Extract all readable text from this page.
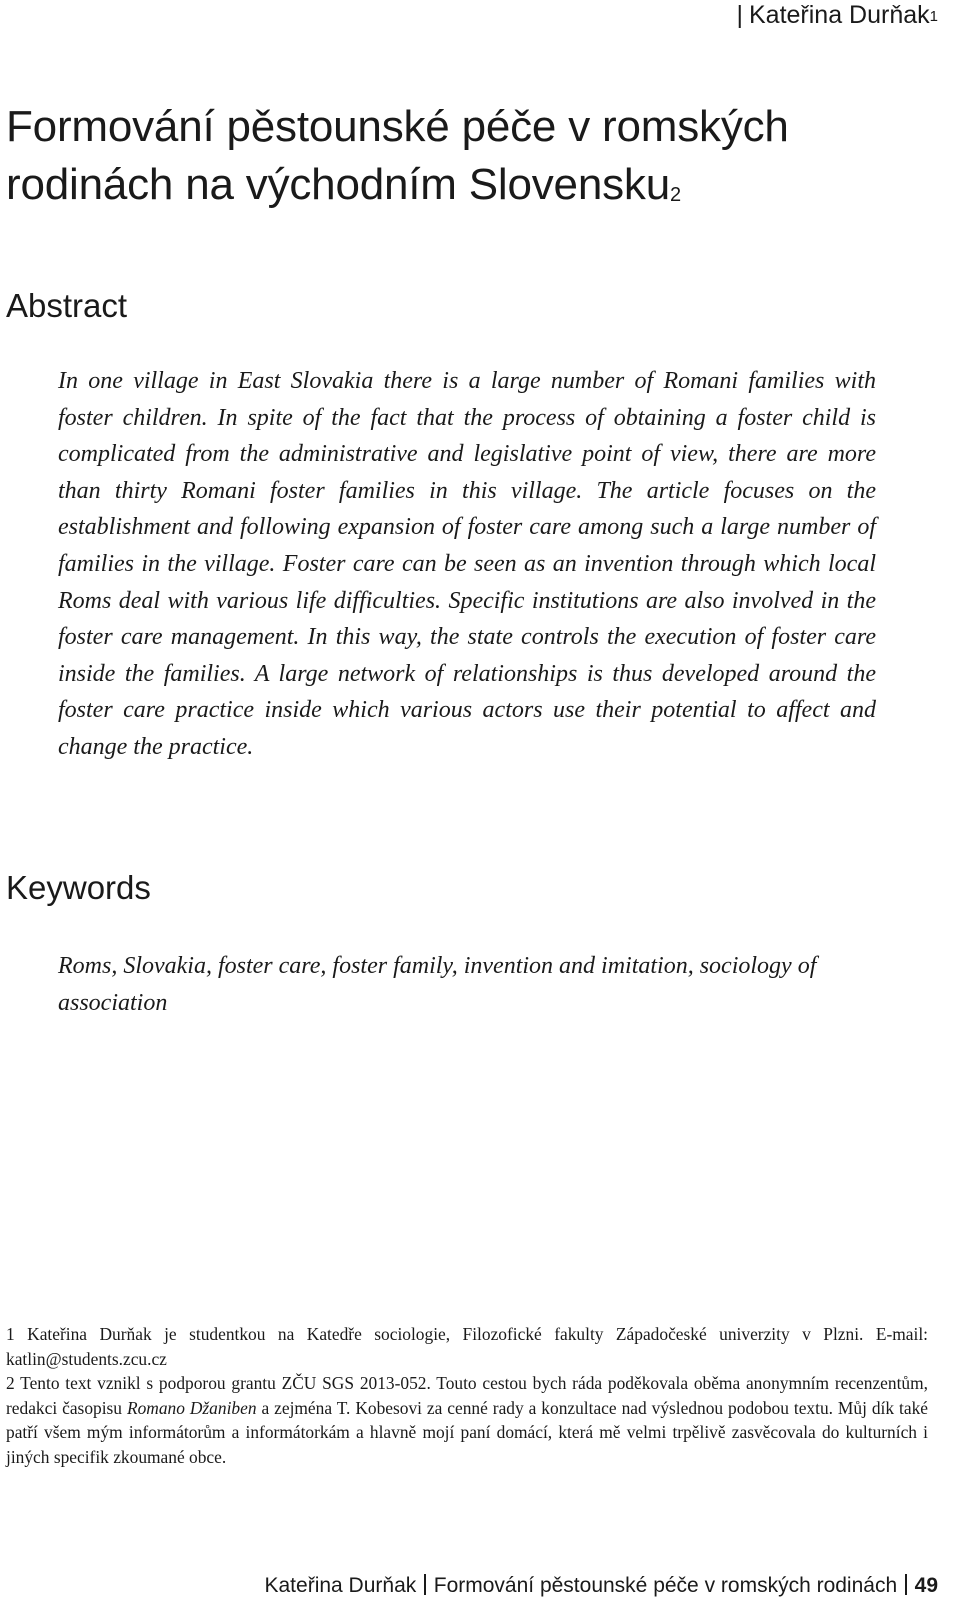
| Kateřina Durňak$^1$
Formování pěstounské péče v romských rodinách na východním Slovensku$^2$
Abstract

In one village in East Slovakia there is a large number of Romani families with foster children. In spite of the fact that the process of obtaining a foster child is complicated from the administrative and legislative point of view, there are more than thirty Romani foster families in this village. The article focuses on the establishment and following expansion of foster care among such a large number of families in the village. Foster care can be seen as an invention through which local Roms deal with various life difficulties. Specific institutions are also involved in the foster care management. In this way, the state controls the execution of foster care inside the families. A large network of relationships is thus developed around the foster care practice inside which various actors use their potential to affect and change the practice.

Keywords

Roms, Slovakia, foster care, foster family, invention and imitation, sociology of association

1 Kateřina Durňak je studentkou na Katedře sociologie, Filozofické fakulty Západočeské univerzity v Plzni. E-mail: katlin@students.zcu.cz

2 Tento text vznikl s podporou grantu ZČU SGS 2013-052. Touto cestou bych ráda poděkovala oběma anonymním recenzentům, redakci časopisu Romano Džaniben a zejména T. Kobesovi za cenné rady a konzultace nad výslednou podobou textu. Můj dík také patří všem mým informátorům a informátorkám a hlavně mojí paní domácí, která mě velmi trpělivě zasvěcovala do kulturních i jiných specifik zkoumané obce.

Kateřina Durňak Formování pěstounské péče v romských rodinách 49
